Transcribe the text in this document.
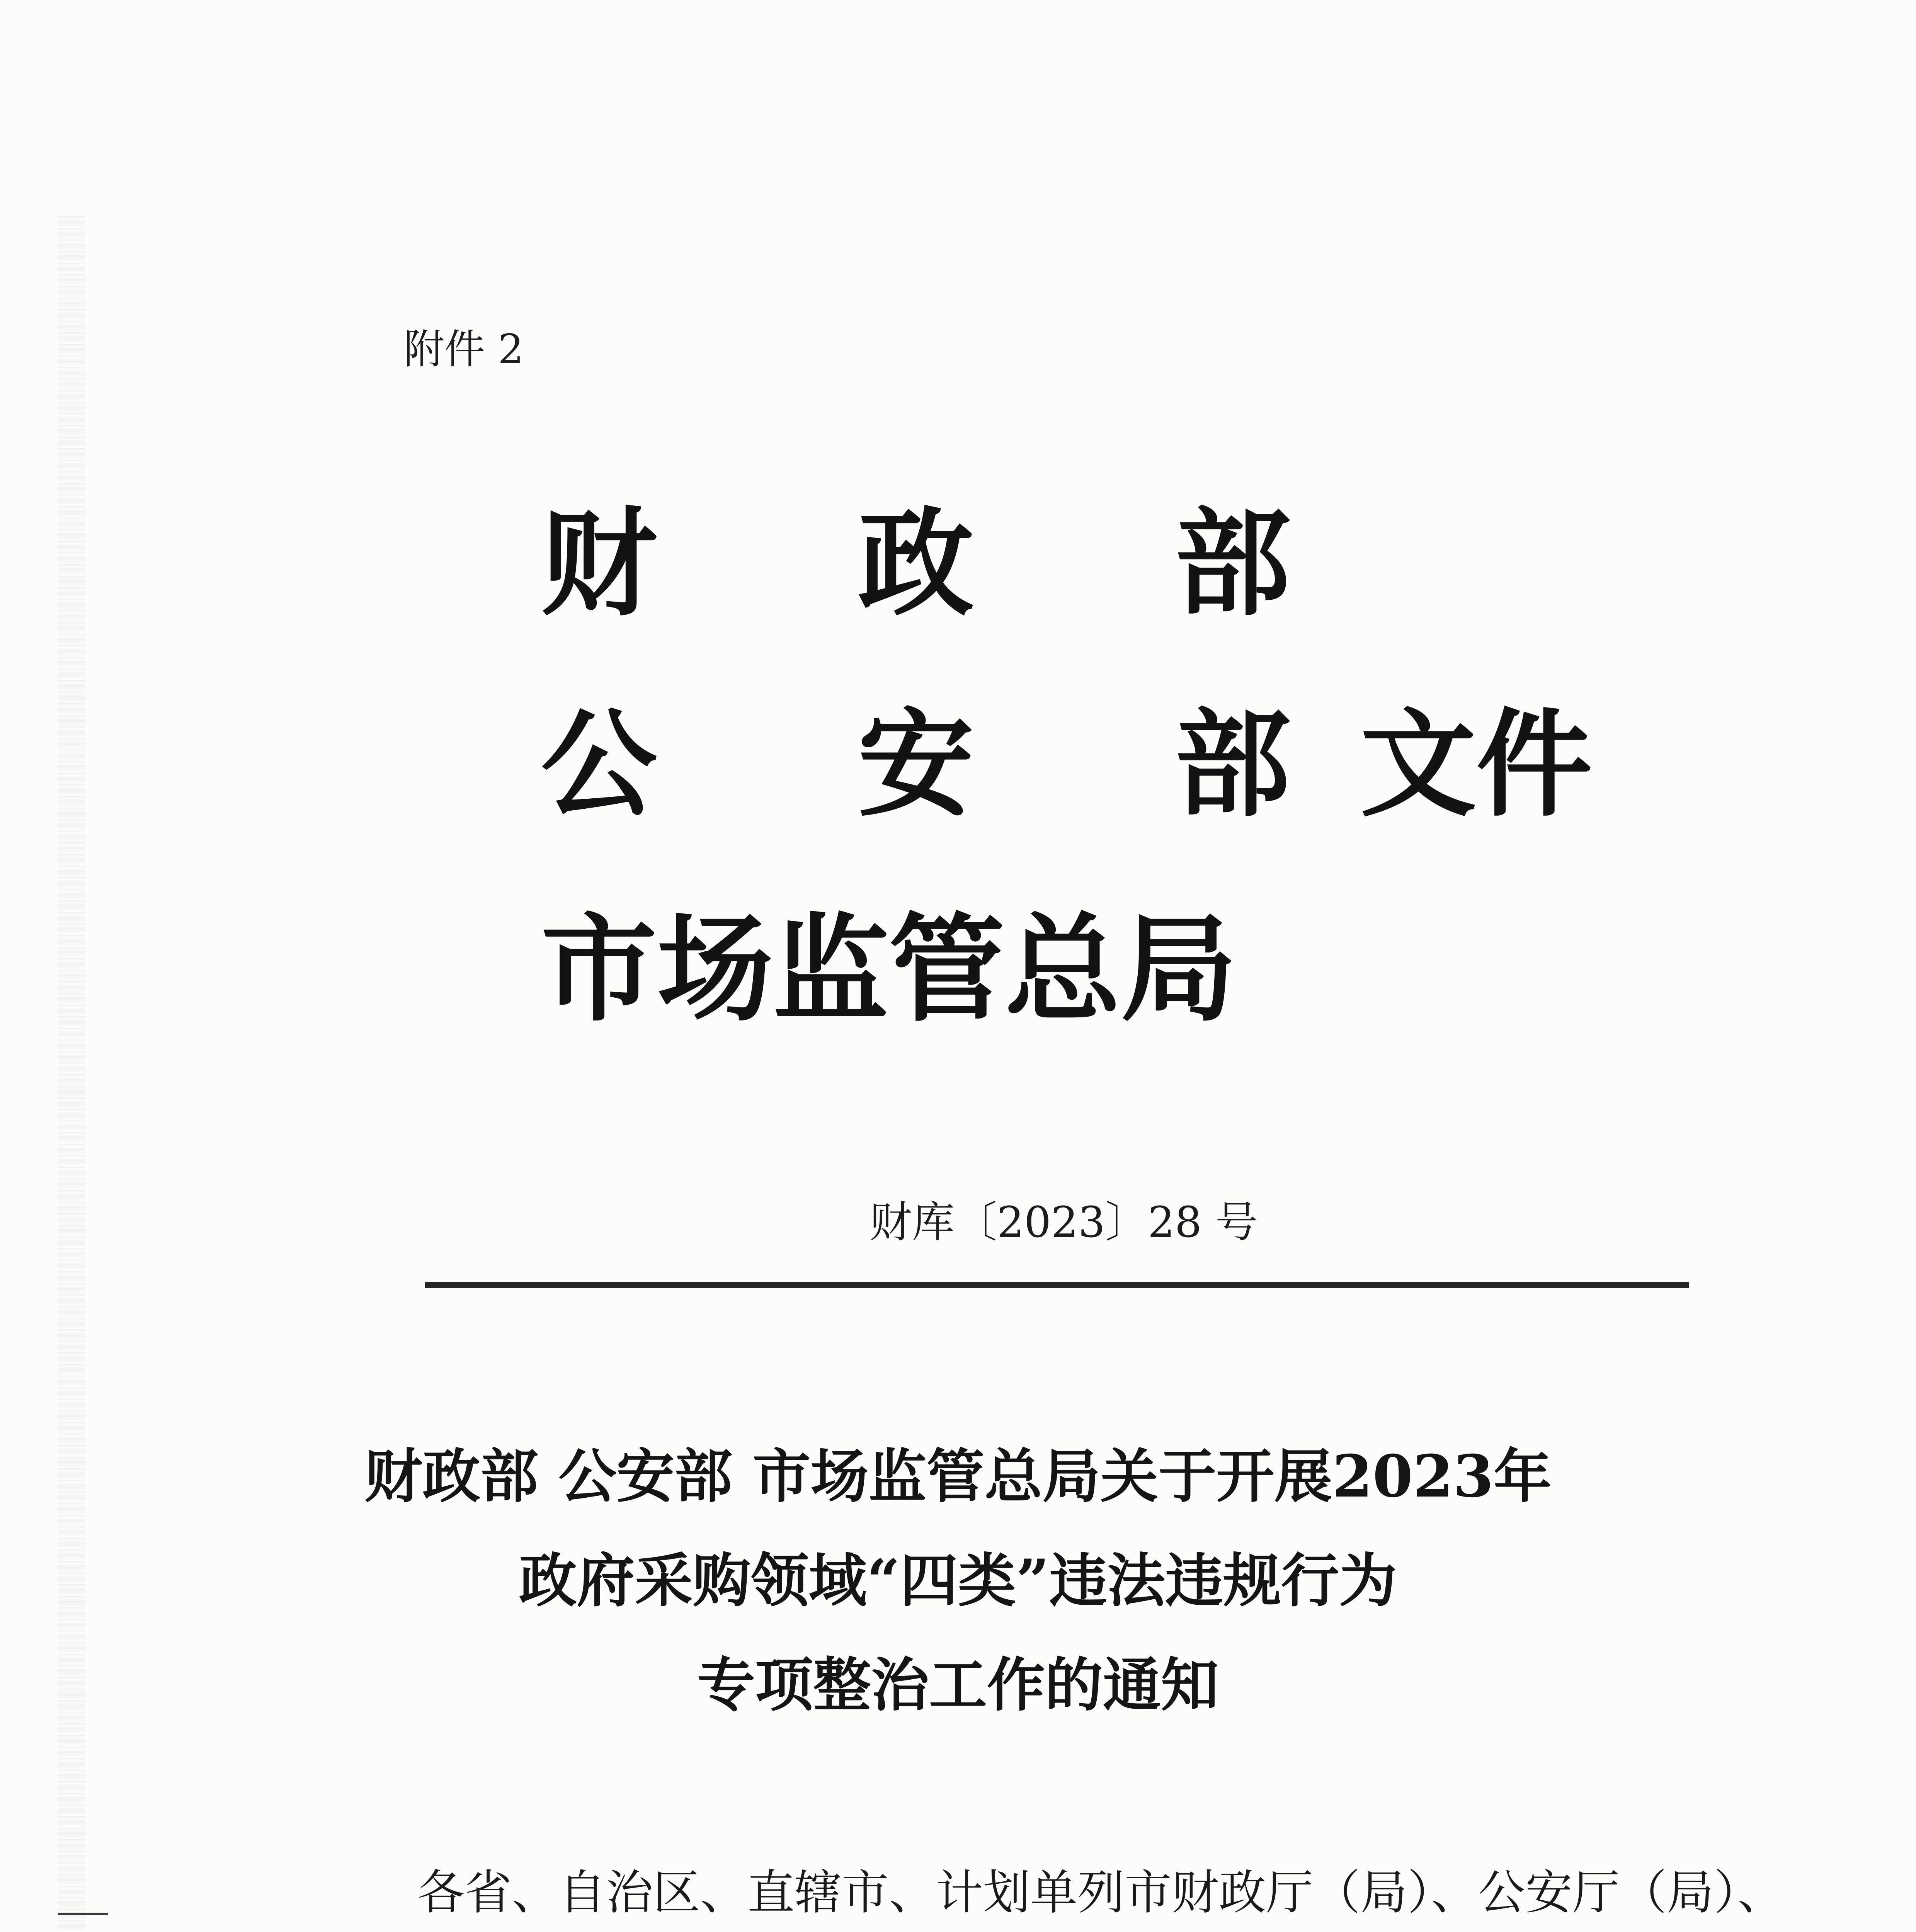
附件 2
财 政 部
公 安 部 文件
市场监管总局
财库〔2023〕28 号
财政部 公安部 市场监管总局关于开展2023年
政府采购领域“四类”违法违规行为
专项整治工作的通知
各省、自治区、直辖市、计划单列市财政厅（局）、公安厅（局）、
